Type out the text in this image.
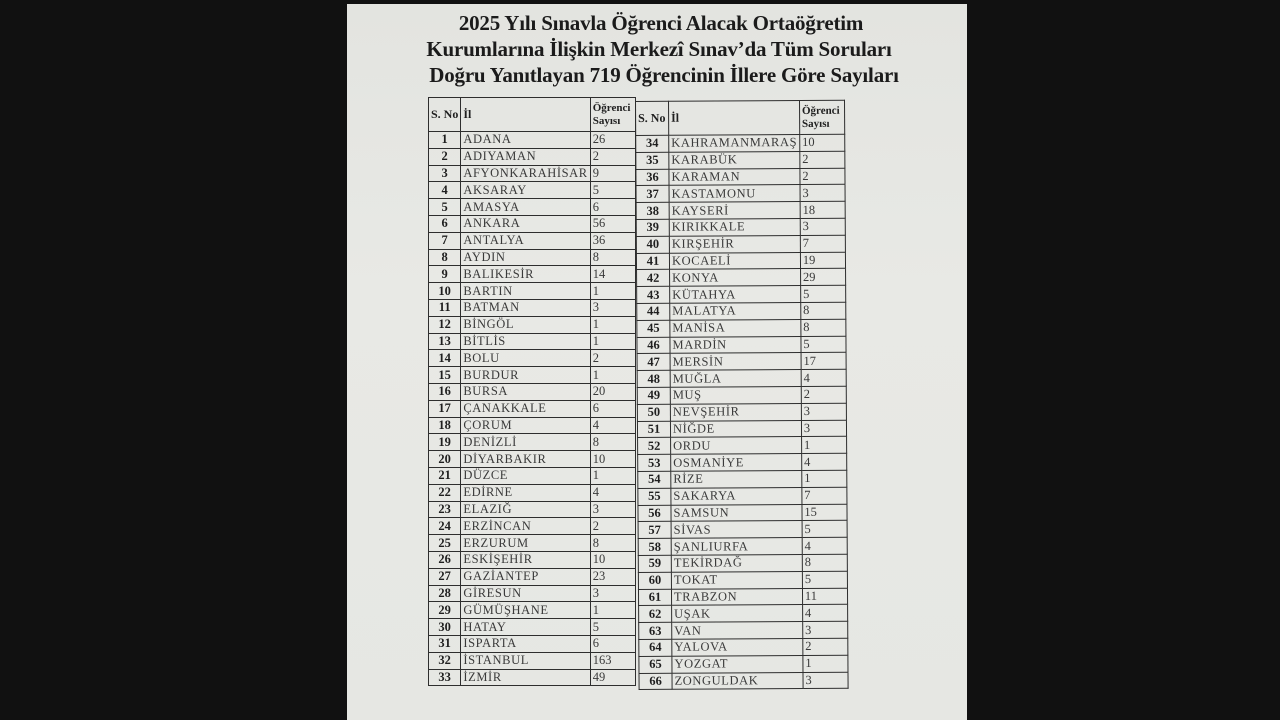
2025 Yılı Sınavla Öğrenci Alacak Ortaöğretim
Kurumlarına İlişkin Merkezî Sınav’da Tüm Soruları
Doğru Yanıtlayan 719 Öğrencinin İllere Göre Sayıları
S. No	İl	Öğrenci
Sayısı
1	ADANA	26
2	ADIYAMAN	2
3	AFYONKARAHİSAR	9
4	AKSARAY	5
5	AMASYA	6
6	ANKARA	56
7	ANTALYA	36
8	AYDIN	8
9	BALIKESİR	14
10	BARTIN	1
11	BATMAN	3
12	BİNGÖL	1
13	BİTLİS	1
14	BOLU	2
15	BURDUR	1
16	BURSA	20
17	ÇANAKKALE	6
18	ÇORUM	4
19	DENİZLİ	8
20	DİYARBAKIR	10
21	DÜZCE	1
22	EDİRNE	4
23	ELAZIĞ	3
24	ERZİNCAN	2
25	ERZURUM	8
26	ESKİŞEHİR	10
27	GAZİANTEP	23
28	GİRESUN	3
29	GÜMÜŞHANE	1
30	HATAY	5
31	ISPARTA	6
32	İSTANBUL	163
33	İZMİR	49
S. No	İl	Öğrenci
Sayısı
34	KAHRAMANMARAŞ	10
35	KARABÜK	2
36	KARAMAN	2
37	KASTAMONU	3
38	KAYSERİ	18
39	KIRIKKALE	3
40	KIRŞEHİR	7
41	KOCAELİ	19
42	KONYA	29
43	KÜTAHYA	5
44	MALATYA	8
45	MANİSA	8
46	MARDİN	5
47	MERSİN	17
48	MUĞLA	4
49	MUŞ	2
50	NEVŞEHİR	3
51	NİĞDE	3
52	ORDU	1
53	OSMANİYE	4
54	RİZE	1
55	SAKARYA	7
56	SAMSUN	15
57	SİVAS	5
58	ŞANLIURFA	4
59	TEKİRDAĞ	8
60	TOKAT	5
61	TRABZON	11
62	UŞAK	4
63	VAN	3
64	YALOVA	2
65	YOZGAT	1
66	ZONGULDAK	3
